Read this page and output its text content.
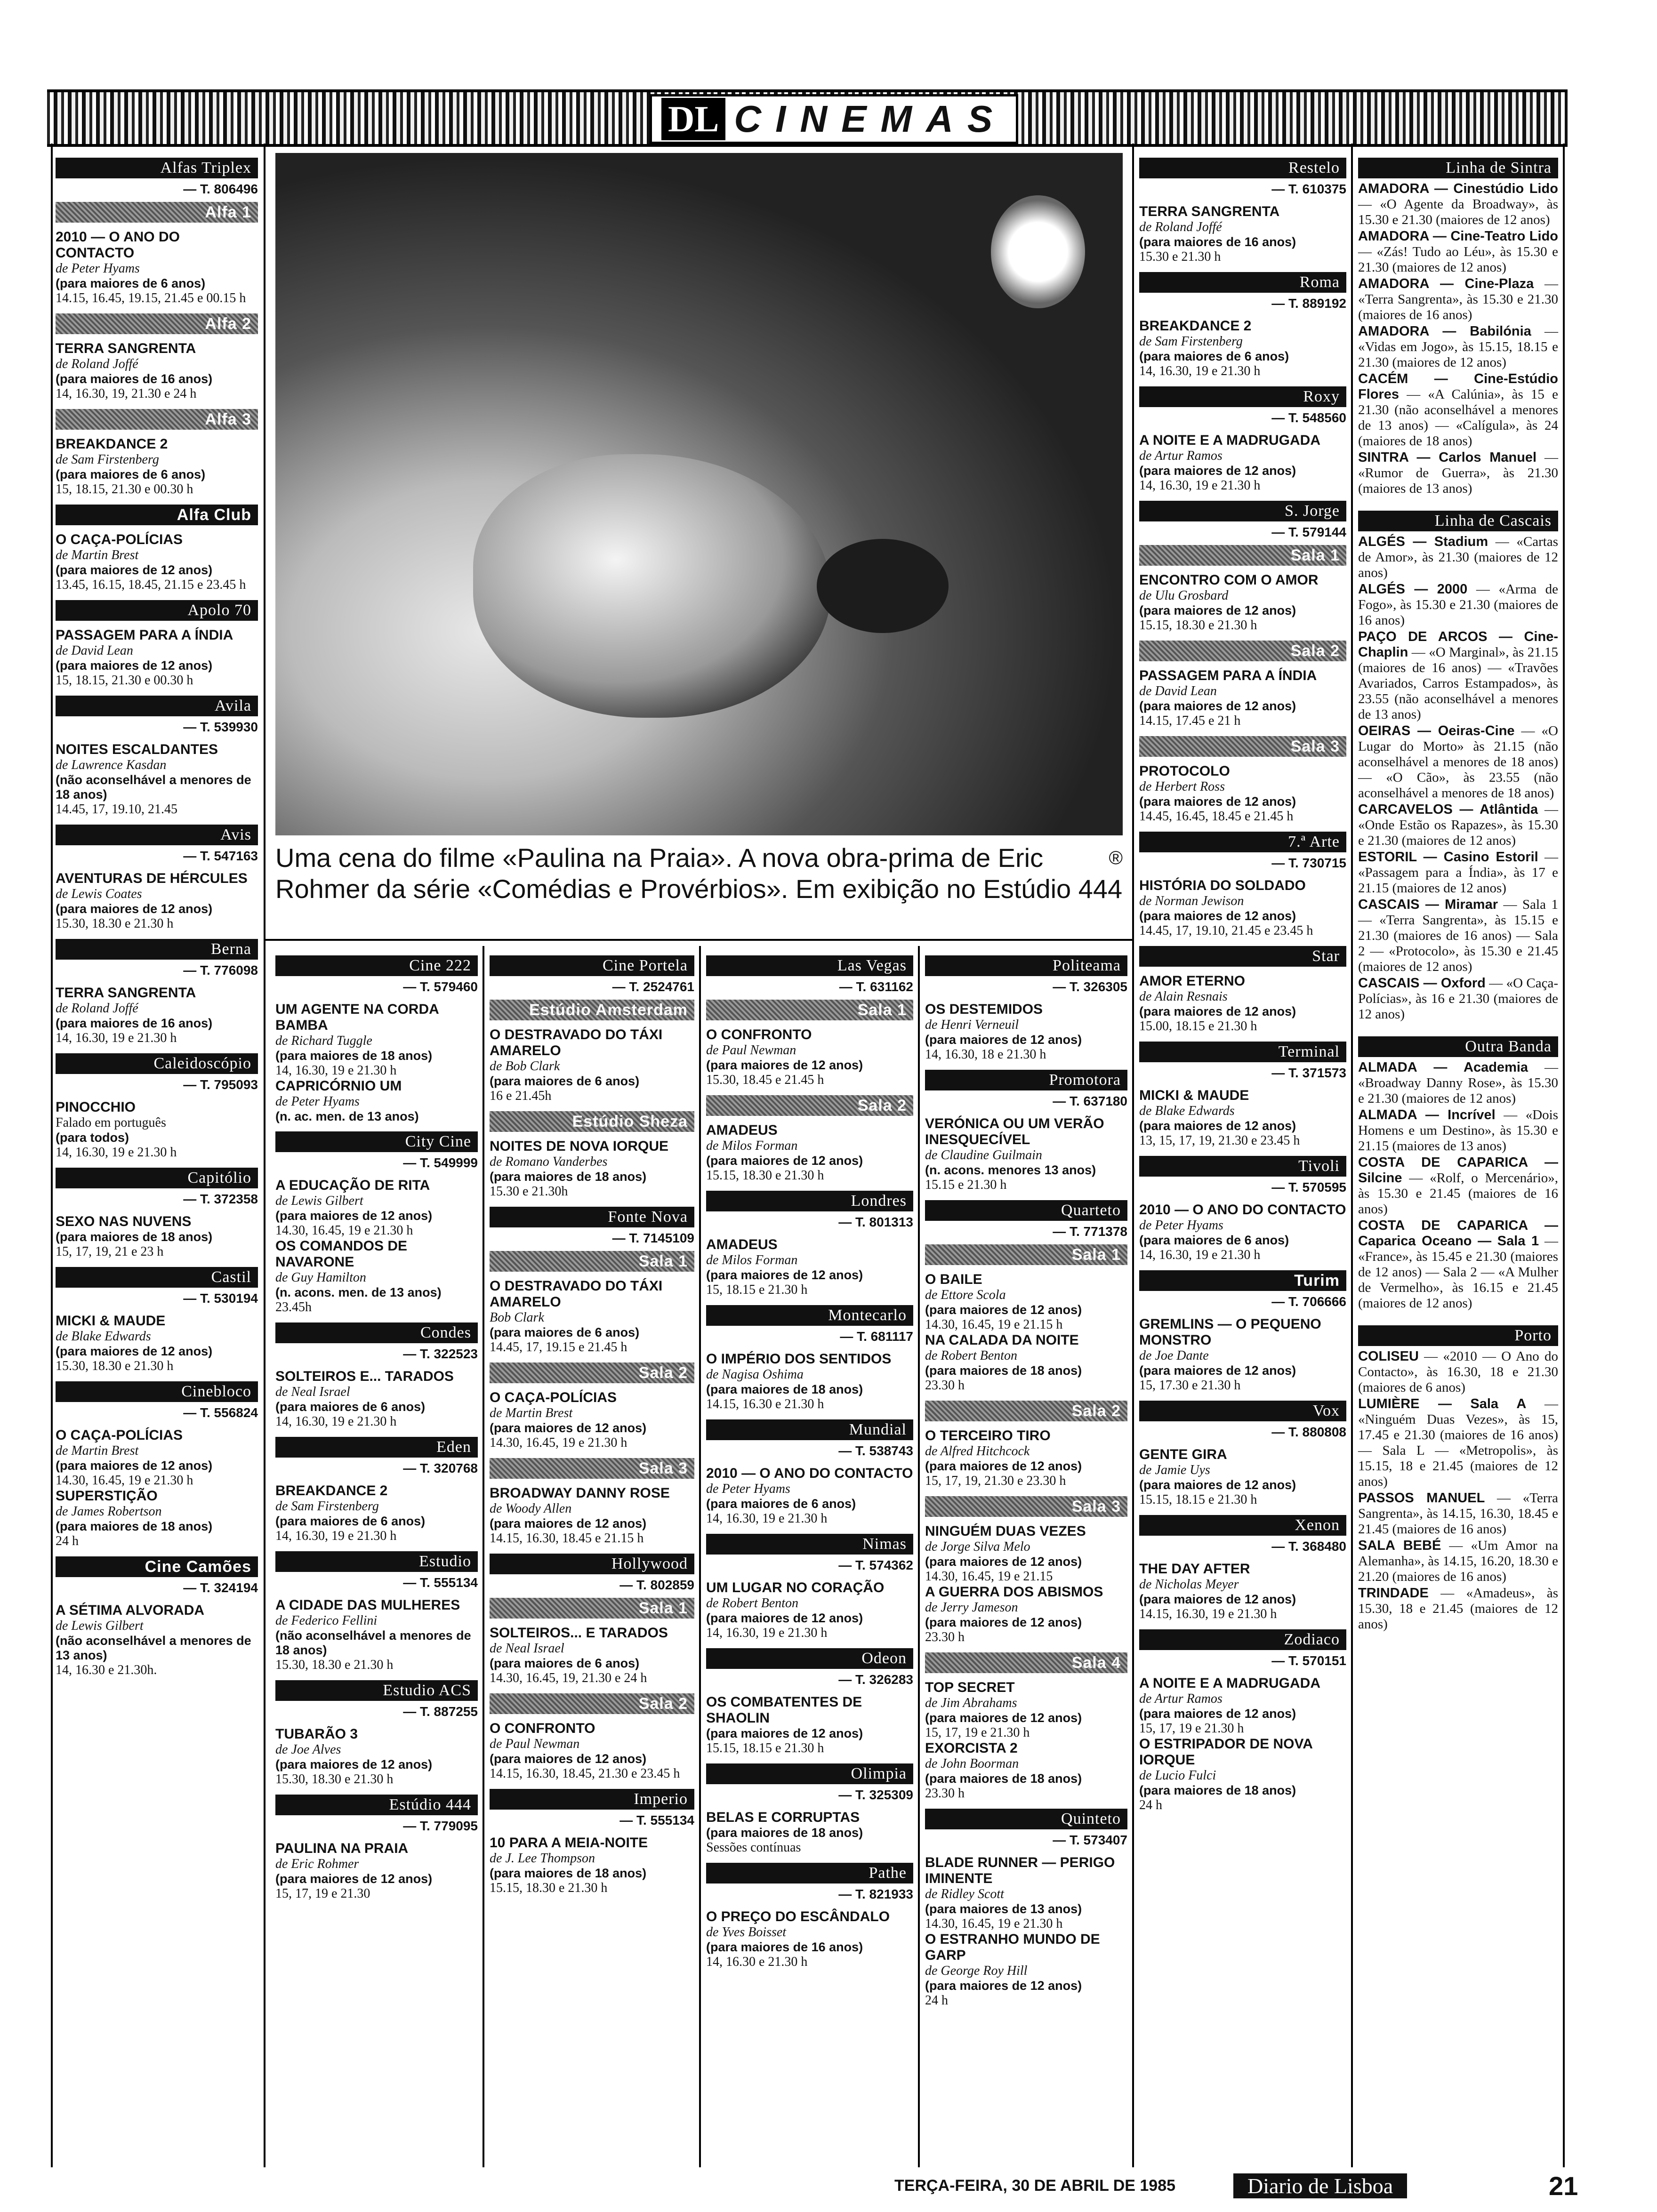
DL CINEMAS
Uma cena do filme «Paulina na Praia». A nova obra-prima de Eric Rohmer da série «Comédias e Provérbios». Em exibição no Estúdio 444
®
Alfas Triplex
— T. 806496
Alfa 1
2010 — O ANO DO CONTACTO
de Peter Hyams
(para maiores de 6 anos)
14.15, 16.45, 19.15, 21.45 e 00.15 h
Alfa 2
TERRA SANGRENTA
de Roland Joffé
(para maiores de 16 anos)
14, 16.30, 19, 21.30 e 24 h
Alfa 3
BREAKDANCE 2
de Sam Firstenberg
(para maiores de 6 anos)
15, 18.15, 21.30 e 00.30 h
Alfa Club
O CAÇA-POLÍCIAS
de Martin Brest
(para maiores de 12 anos)
13.45, 16.15, 18.45, 21.15 e 23.45 h
Apolo 70
PASSAGEM PARA A ÍNDIA
de David Lean
(para maiores de 12 anos)
15, 18.15, 21.30 e 00.30 h
Avila
— T. 539930
NOITES ESCALDANTES
de Lawrence Kasdan
(não aconselhável a menores de 18 anos)
14.45, 17, 19.10, 21.45
Avis
— T. 547163
AVENTURAS DE HÉRCULES
de Lewis Coates
(para maiores de 12 anos)
15.30, 18.30 e 21.30 h
Berna
— T. 776098
TERRA SANGRENTA
de Roland Joffé
(para maiores de 16 anos)
14, 16.30, 19 e 21.30 h
Caleidoscópio
— T. 795093
PINOCCHIO
Falado em português
(para todos)
14, 16.30, 19 e 21.30 h
Capitólio
— T. 372358
SEXO NAS NUVENS
(para maiores de 18 anos)
15, 17, 19, 21 e 23 h
Castil
— T. 530194
MICKI & MAUDE
de Blake Edwards
(para maiores de 12 anos)
15.30, 18.30 e 21.30 h
Cinebloco
— T. 556824
O CAÇA-POLÍCIAS
de Martin Brest
(para maiores de 12 anos)
14.30, 16.45, 19 e 21.30 h
SUPERSTIÇÃO
de James Robertson
(para maiores de 18 anos)
24 h
Cine Camões
— T. 324194
A SÉTIMA ALVORADA
de Lewis Gilbert
(não aconselhável a menores de 13 anos)
14, 16.30 e 21.30h.
Cine 222
— T. 579460
UM AGENTE NA CORDA BAMBA
de Richard Tuggle
(para maiores de 18 anos)
14, 16.30, 19 e 21.30 h
CAPRICÓRNIO UM
de Peter Hyams
(n. ac. men. de 13 anos)
City Cine
— T. 549999
A EDUCAÇÃO DE RITA
de Lewis Gilbert
(para maiores de 12 anos)
14.30, 16.45, 19 e 21.30 h
OS COMANDOS DE NAVARONE
de Guy Hamilton
(n. acons. men. de 13 anos)
23.45h
Condes
— T. 322523
SOLTEIROS E... TARADOS
de Neal Israel
(para maiores de 6 anos)
14, 16.30, 19 e 21.30 h
Eden
— T. 320768
BREAKDANCE 2
de Sam Firstenberg
(para maiores de 6 anos)
14, 16.30, 19 e 21.30 h
Estudio
— T. 555134
A CIDADE DAS MULHERES
de Federico Fellini
(não aconselhável a menores de 18 anos)
15.30, 18.30 e 21.30 h
Estudio ACS
— T. 887255
TUBARÃO 3
de Joe Alves
(para maiores de 12 anos)
15.30, 18.30 e 21.30 h
Estúdio 444
— T. 779095
PAULINA NA PRAIA
de Eric Rohmer
(para maiores de 12 anos)
15, 17, 19 e 21.30
Cine Portela
— T. 2524761
Estúdio Amsterdam
O DESTRAVADO DO TÁXI AMARELO
de Bob Clark
(para maiores de 6 anos)
16 e 21.45h
Estúdio Sheza
NOITES DE NOVA IORQUE
de Romano Vanderbes
(para maiores de 18 anos)
15.30 e 21.30h
Fonte Nova
— T. 7145109
Sala 1
O DESTRAVADO DO TÁXI AMARELO
Bob Clark
(para maiores de 6 anos)
14.45, 17, 19.15 e 21.45 h
Sala 2
O CAÇA-POLÍCIAS
de Martin Brest
(para maiores de 12 anos)
14.30, 16.45, 19 e 21.30 h
Sala 3
BROADWAY DANNY ROSE
de Woody Allen
(para maiores de 12 anos)
14.15, 16.30, 18.45 e 21.15 h
Hollywood
— T. 802859
Sala 1
SOLTEIROS... E TARADOS
de Neal Israel
(para maiores de 6 anos)
14.30, 16.45, 19, 21.30 e 24 h
Sala 2
O CONFRONTO
de Paul Newman
(para maiores de 12 anos)
14.15, 16.30, 18.45, 21.30 e 23.45 h
Imperio
— T. 555134
10 PARA A MEIA-NOITE
de J. Lee Thompson
(para maiores de 18 anos)
15.15, 18.30 e 21.30 h
Las Vegas
— T. 631162
Sala 1
O CONFRONTO
de Paul Newman
(para maiores de 12 anos)
15.30, 18.45 e 21.45 h
Sala 2
AMADEUS
de Milos Forman
(para maiores de 12 anos)
15.15, 18.30 e 21.30 h
Londres
— T. 801313
AMADEUS
de Milos Forman
(para maiores de 12 anos)
15, 18.15 e 21.30 h
Montecarlo
— T. 681117
O IMPÉRIO DOS SENTIDOS
de Nagisa Oshima
(para maiores de 18 anos)
14.15, 16.30 e 21.30 h
Mundial
— T. 538743
2010 — O ANO DO CONTACTO
de Peter Hyams
(para maiores de 6 anos)
14, 16.30, 19 e 21.30 h
Nimas
— T. 574362
UM LUGAR NO CORAÇÃO
de Robert Benton
(para maiores de 12 anos)
14, 16.30, 19 e 21.30 h
Odeon
— T. 326283
OS COMBATENTES DE SHAOLIN
(para maiores de 12 anos)
15.15, 18.15 e 21.30 h
Olimpia
— T. 325309
BELAS E CORRUPTAS
(para maiores de 18 anos)
Sessões contínuas
Pathe
— T. 821933
O PREÇO DO ESCÂNDALO
de Yves Boisset
(para maiores de 16 anos)
14, 16.30 e 21.30 h
Politeama
— T. 326305
OS DESTEMIDOS
de Henri Verneuil
(para maiores de 12 anos)
14, 16.30, 18 e 21.30 h
Promotora
— T. 637180
VERÓNICA OU UM VERÃO INESQUECÍVEL
de Claudine Guilmain
(n. acons. menores 13 anos)
15.15 e 21.30 h
Quarteto
— T. 771378
Sala 1
O BAILE
de Ettore Scola
(para maiores de 12 anos)
14.30, 16.45, 19 e 21.15 h
NA CALADA DA NOITE
de Robert Benton
(para maiores de 18 anos)
23.30 h
Sala 2
O TERCEIRO TIRO
de Alfred Hitchcock
(para maiores de 12 anos)
15, 17, 19, 21.30 e 23.30 h
Sala 3
NINGUÉM DUAS VEZES
de Jorge Silva Melo
(para maiores de 12 anos)
14.30, 16.45, 19 e 21.15
A GUERRA DOS ABISMOS
de Jerry Jameson
(para maiores de 12 anos)
23.30 h
Sala 4
TOP SECRET
de Jim Abrahams
(para maiores de 12 anos)
15, 17, 19 e 21.30 h
EXORCISTA 2
de John Boorman
(para maiores de 18 anos)
23.30 h
Quinteto
— T. 573407
BLADE RUNNER — PERIGO IMINENTE
de Ridley Scott
(para maiores de 13 anos)
14.30, 16.45, 19 e 21.30 h
O ESTRANHO MUNDO DE GARP
de George Roy Hill
(para maiores de 12 anos)
24 h
Restelo
— T. 610375
TERRA SANGRENTA
de Roland Joffé
(para maiores de 16 anos)
15.30 e 21.30 h
Roma
— T. 889192
BREAKDANCE 2
de Sam Firstenberg
(para maiores de 6 anos)
14, 16.30, 19 e 21.30 h
Roxy
— T. 548560
A NOITE E A MADRUGADA
de Artur Ramos
(para maiores de 12 anos)
14, 16.30, 19 e 21.30 h
S. Jorge
— T. 579144
Sala 1
ENCONTRO COM O AMOR
de Ulu Grosbard
(para maiores de 12 anos)
15.15, 18.30 e 21.30 h
Sala 2
PASSAGEM PARA A ÍNDIA
de David Lean
(para maiores de 12 anos)
14.15, 17.45 e 21 h
Sala 3
PROTOCOLO
de Herbert Ross
(para maiores de 12 anos)
14.45, 16.45, 18.45 e 21.45 h
7.ª Arte
— T. 730715
HISTÓRIA DO SOLDADO
de Norman Jewison
(para maiores de 12 anos)
14.45, 17, 19.10, 21.45 e 23.45 h
Star
AMOR ETERNO
de Alain Resnais
(para maiores de 12 anos)
15.00, 18.15 e 21.30 h
Terminal
— T. 371573
MICKI & MAUDE
de Blake Edwards
(para maiores de 12 anos)
13, 15, 17, 19, 21.30 e 23.45 h
Tivoli
— T. 570595
2010 — O ANO DO CONTACTO
de Peter Hyams
(para maiores de 6 anos)
14, 16.30, 19 e 21.30 h
Turim
— T. 706666
GREMLINS — O PEQUENO MONSTRO
de Joe Dante
(para maiores de 12 anos)
15, 17.30 e 21.30 h
Vox
— T. 880808
GENTE GIRA
de Jamie Uys
(para maiores de 12 anos)
15.15, 18.15 e 21.30 h
Xenon
— T. 368480
THE DAY AFTER
de Nicholas Meyer
(para maiores de 12 anos)
14.15, 16.30, 19 e 21.30 h
Zodiaco
— T. 570151
A NOITE E A MADRUGADA
de Artur Ramos
(para maiores de 12 anos)
15, 17, 19 e 21.30 h
O ESTRIPADOR DE NOVA IORQUE
de Lucio Fulci
(para maiores de 18 anos)
24 h
Linha de Sintra
AMADORA — Cinestúdio Lido — «O Agente da Broadway», às 15.30 e 21.30 (maiores de 12 anos)
AMADORA — Cine-Teatro Lido — «Zás! Tudo ao Léu», às 15.30 e 21.30 (maiores de 12 anos)
AMADORA — Cine-Plaza — «Terra Sangrenta», às 15.30 e 21.30 (maiores de 16 anos)
AMADORA — Babilónia — «Vidas em Jogo», às 15.15, 18.15 e 21.30 (maiores de 12 anos)
CACÉM — Cine-Estúdio Flores — «A Calúnia», às 15 e 21.30 (não aconselhável a menores de 13 anos) — «Calígula», às 24 (maiores de 18 anos)
SINTRA — Carlos Manuel — «Rumor de Guerra», às 21.30 (maiores de 13 anos)
Linha de Cascais
ALGÉS — Stadium — «Cartas de Amor», às 21.30 (maiores de 12 anos)
ALGÉS — 2000 — «Arma de Fogo», às 15.30 e 21.30 (maiores de 16 anos)
PAÇO DE ARCOS — Cine-Chaplin — «O Marginal», às 21.15 (maiores de 16 anos) — «Travões Avariados, Carros Estampados», às 23.55 (não aconselhável a menores de 13 anos)
OEIRAS — Oeiras-Cine — «O Lugar do Morto» às 21.15 (não aconselhável a menores de 18 anos) — «O Cão», às 23.55 (não aconselhável a menores de 18 anos)
CARCAVELOS — Atlântida — «Onde Estão os Rapazes», às 15.30 e 21.30 (maiores de 12 anos)
ESTORIL — Casino Estoril — «Passagem para a Índia», às 17 e 21.15 (maiores de 12 anos)
CASCAIS — Miramar — Sala 1 — «Terra Sangrenta», às 15.15 e 21.30 (maiores de 16 anos) — Sala 2 — «Protocolo», às 15.30 e 21.45 (maiores de 12 anos)
CASCAIS — Oxford — «O Caça-Polícias», às 16 e 21.30 (maiores de 12 anos)
Outra Banda
ALMADA — Academia — «Broadway Danny Rose», às 15.30 e 21.30 (maiores de 12 anos)
ALMADA — Incrível — «Dois Homens e um Destino», às 15.30 e 21.15 (maiores de 13 anos)
COSTA DE CAPARICA — Silcine — «Rolf, o Mercenário», às 15.30 e 21.45 (maiores de 16 anos)
COSTA DE CAPARICA — Caparica Oceano — Sala 1 — «France», às 15.45 e 21.30 (maiores de 12 anos) — Sala 2 — «A Mulher de Vermelho», às 16.15 e 21.45 (maiores de 12 anos)
Porto
COLISEU — «2010 — O Ano do Contacto», às 16.30, 18 e 21.30 (maiores de 6 anos)
LUMIÈRE — Sala A — «Ninguém Duas Vezes», às 15, 17.45 e 21.30 (maiores de 16 anos) — Sala L — «Metropolis», às 15.15, 18 e 21.45 (maiores de 12 anos)
PASSOS MANUEL — «Terra Sangrenta», às 14.15, 16.30, 18.45 e 21.45 (maiores de 16 anos)
SALA BEBÉ — «Um Amor na Alemanha», às 14.15, 16.20, 18.30 e 21.20 (maiores de 16 anos)
TRINDADE — «Amadeus», às 15.30, 18 e 21.45 (maiores de 12 anos)
TERÇA-FEIRA, 30 DE ABRIL DE 1985	Diario de Lisboa	21
